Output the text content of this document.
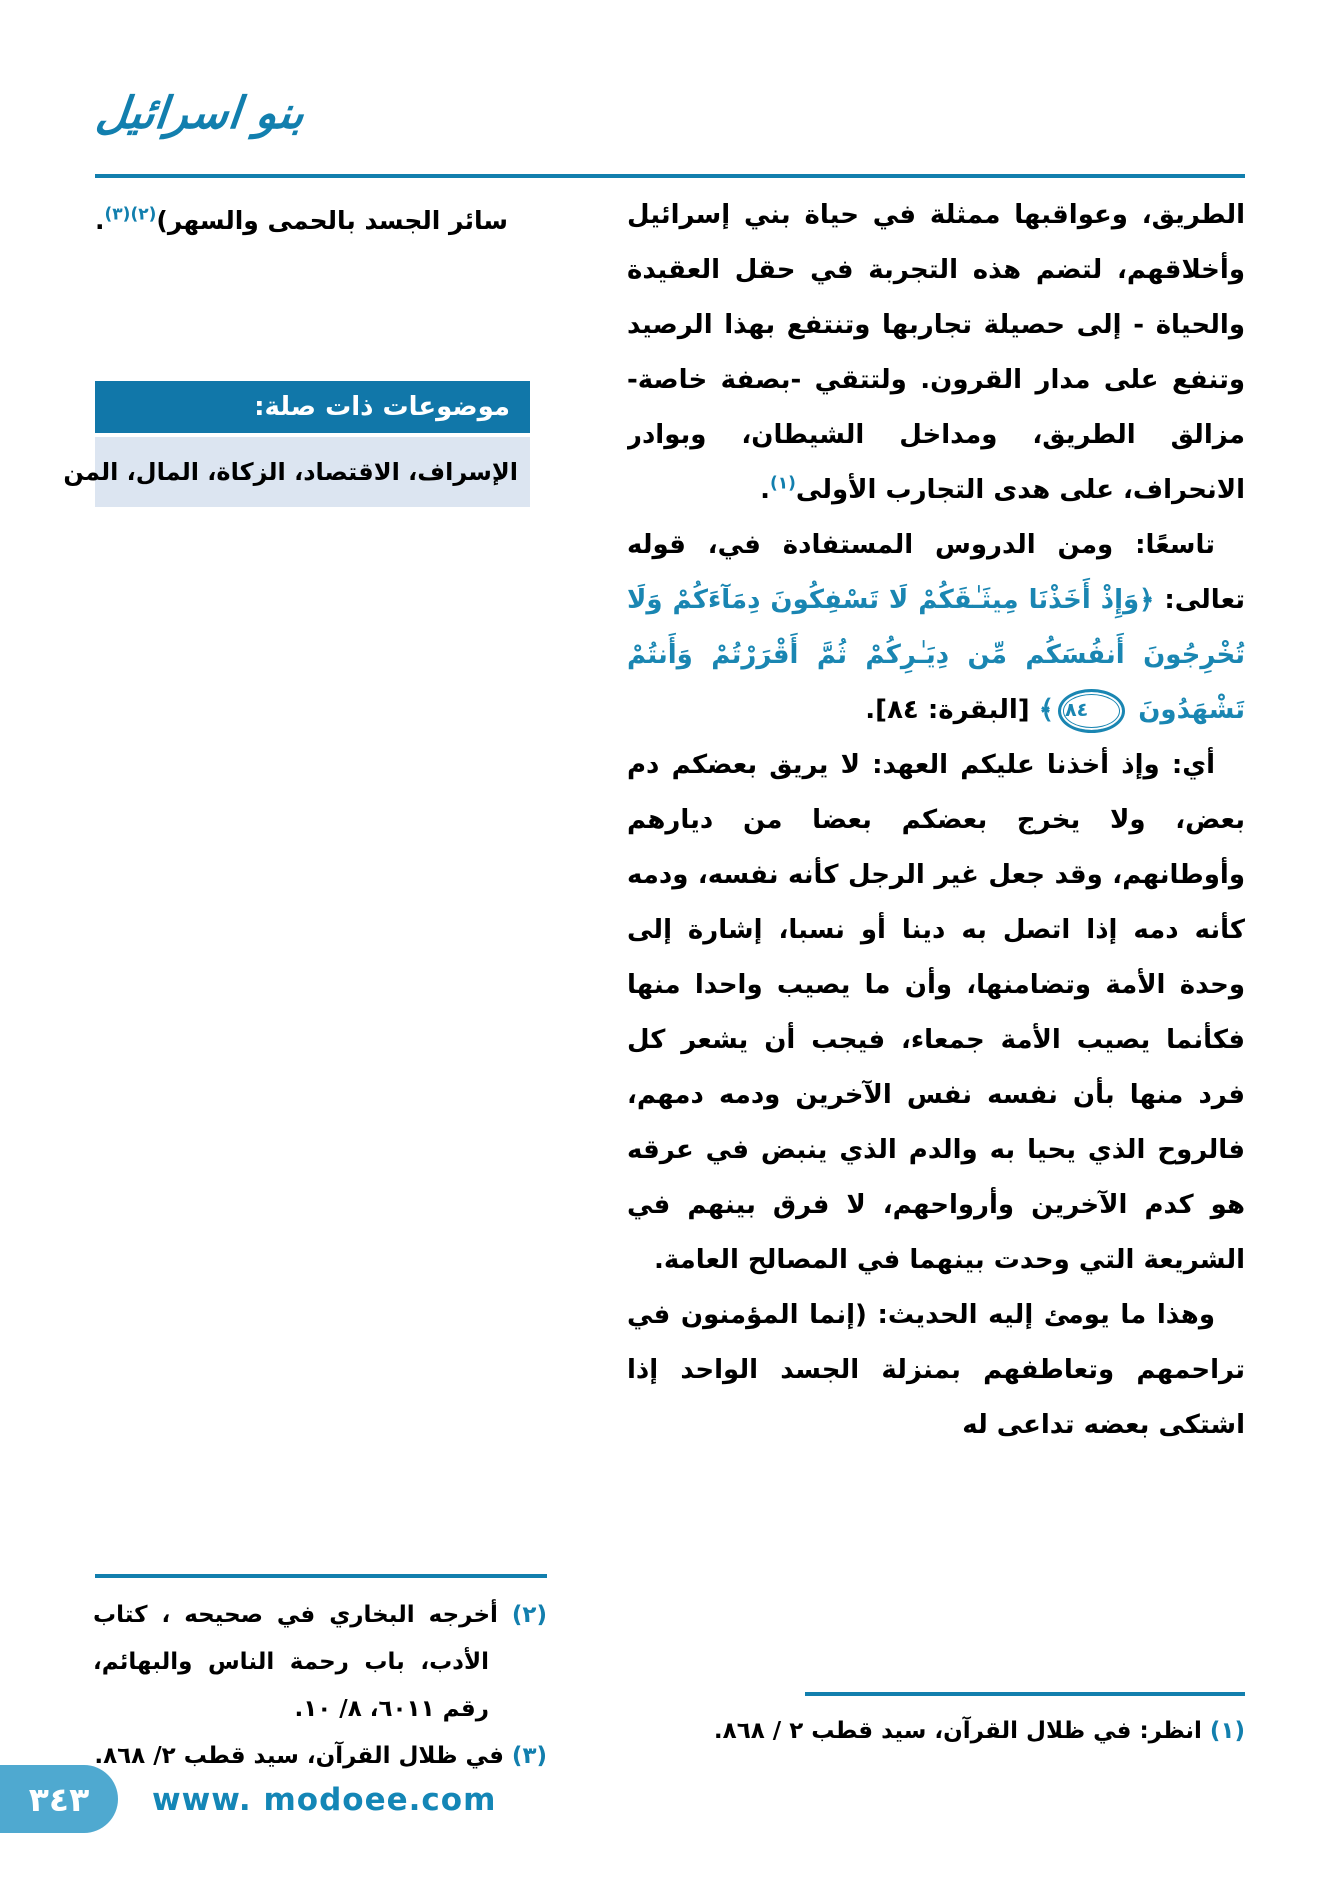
بنو اسرائيل

الطريق، وعواقبها ممثلة في حياة بني إسرائيل وأخلاقهم، لتضم هذه التجربة في حقل العقيدة والحياة - إلى حصيلة تجاربها وتنتفع بهذا الرصيد وتنفع على مدار القرون. ولتتقي -بصفة خاصة- مزالق الطريق، ومداخل الشيطان، وبوادر الانحراف، على هدى التجارب الأولى$^{(١)}$.

تاسعًا: ومن الدروس المستفادة في، قوله تعالى: ﴿وَإِذْ أَخَذْنَا مِيثَـٰقَكُمْ لَا تَسْفِكُونَ دِمَآءَكُمْ وَلَا تُخْرِجُونَ أَنفُسَكُم مِّن دِيَـٰرِكُمْ ثُمَّ أَقْرَرْتُمْ وَأَنتُمْ تَشْهَدُونَ
٨٤
﴾ [البقرة: ٨٤].

أي: وإذ أخذنا عليكم العهد: لا يريق بعضكم دم بعض، ولا يخرج بعضكم بعضا من ديارهم وأوطانهم، وقد جعل غير الرجل كأنه نفسه، ودمه كأنه دمه إذا اتصل به دينا أو نسبا، إشارة إلى وحدة الأمة وتضامنها، وأن ما يصيب واحدا منها فكأنما يصيب الأمة جمعاء، فيجب أن يشعر كل فرد منها بأن نفسه نفس الآخرين ودمه دمهم، فالروح الذي يحيا به والدم الذي ينبض في عرقه هو كدم الآخرين وأرواحهم، لا فرق بينهم في الشريعة التي وحدت بينهما في المصالح العامة.

وهذا ما يومئ إليه الحديث: (إنما المؤمنون في تراحمهم وتعاطفهم بمنزلة الجسد الواحد إذا اشتكى بعضه تداعى له

(١) انظر: في ظلال القرآن، سيد قطب ٢ / ٨٦٨.

سائر الجسد بالحمى والسهر)$^{(٢)(٣)}$.
موضوعات ذات صلة:
الإسراف، الاقتصاد، الزكاة، المال، المن

(٢) أخرجه البخاري في صحيحه ، كتاب الأدب، باب رحمة الناس والبهائم، رقم ٦٠١١، ٨/ ١٠.

(٣) في ظلال القرآن، سيد قطب ٢/ ٨٦٨.

٣٤٣ www. modoee.com
